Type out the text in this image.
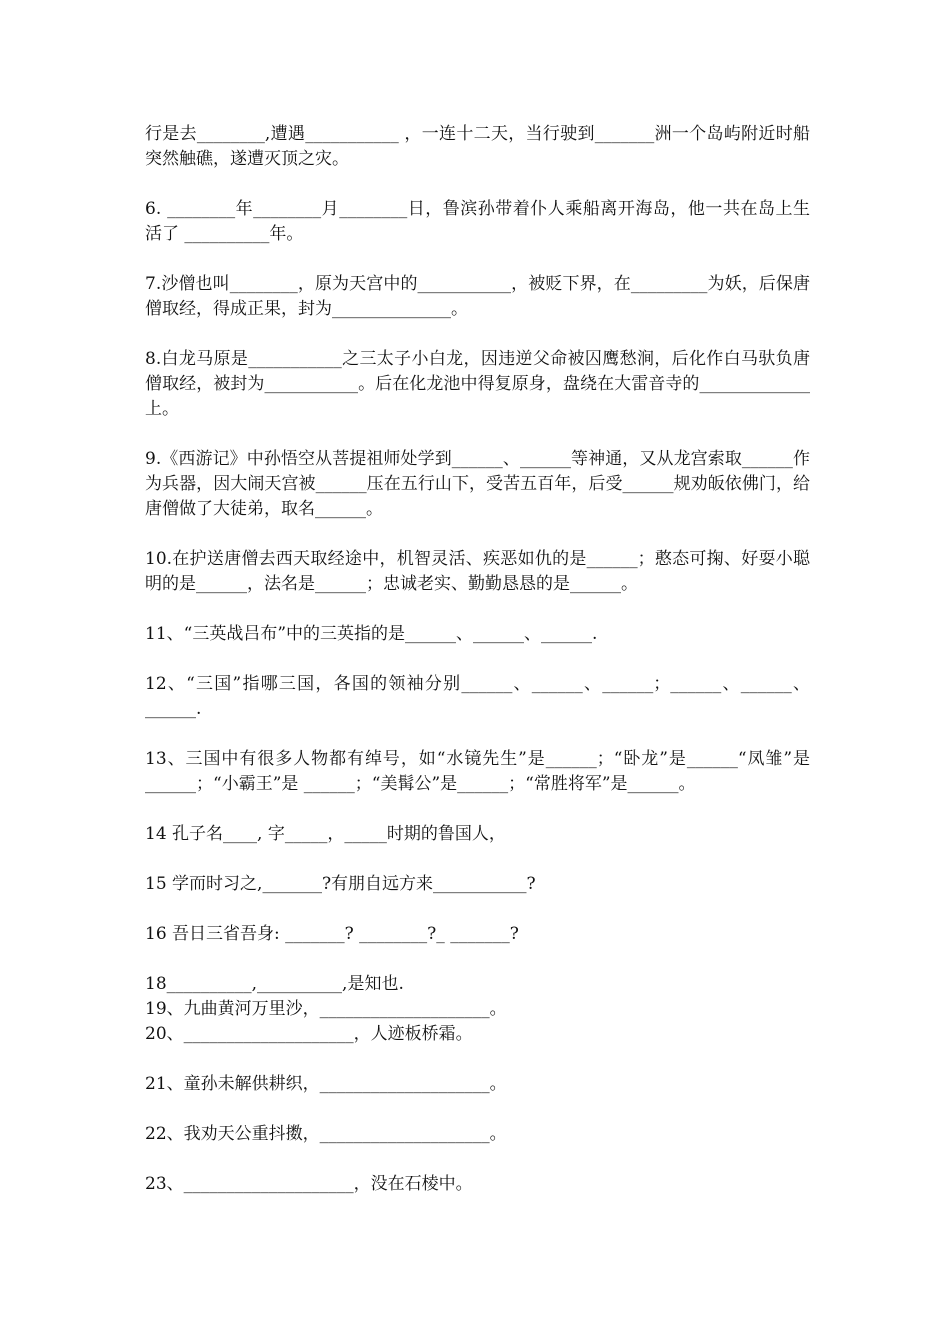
行是去________,遭遇___________ ，一连十二天，当行驶到_______洲一个岛屿附近时船突然触礁，遂遭灭顶之灾。

6. ________年________月________日，鲁滨孙带着仆人乘船离开海岛，他一共在岛上生活了 __________年。

7.沙僧也叫________，原为天宫中的___________，被贬下界，在_________为妖，后保唐僧取经，得成正果，封为______________。

8.白龙马原是___________之三太子小白龙，因违逆父命被囚鹰愁涧，后化作白马驮负唐僧取经，被封为___________。后在化龙池中得复原身，盘绕在大雷音寺的_____________上。

9.《西游记》中孙悟空从菩提祖师处学到______、______等神通，又从龙宫索取______作为兵器，因大闹天宫被______压在五行山下，受苦五百年，后受______规劝皈依佛门，给唐僧做了大徒弟，取名______。

10.在护送唐僧去西天取经途中，机智灵活、疾恶如仇的是______；憨态可掬、好耍小聪明的是______，法名是______；忠诚老实、勤勤恳恳的是______。

11、“三英战吕布”中的三英指的是______、______、______.

12、“三国”指哪三国，各国的领袖分别______、______、______；______、______、______.

13、三国中有很多人物都有绰号，如“水镜先生”是______；“卧龙”是______“凤雏”是______；“小霸王”是 ______；“美髯公”是______；“常胜将军”是______。

14 孔子名____, 字_____，_____时期的鲁国人，

15 学而时习之,_______?有朋自远方来___________?

16 吾日三省吾身: _______? ________?_ _______?

18__________,__________,是知也.

19、九曲黄河万里沙，____________________。

20、____________________，人迹板桥霜。

21、童孙未解供耕织，____________________。

22、我劝天公重抖擞，____________________。

23、____________________，没在石棱中。
